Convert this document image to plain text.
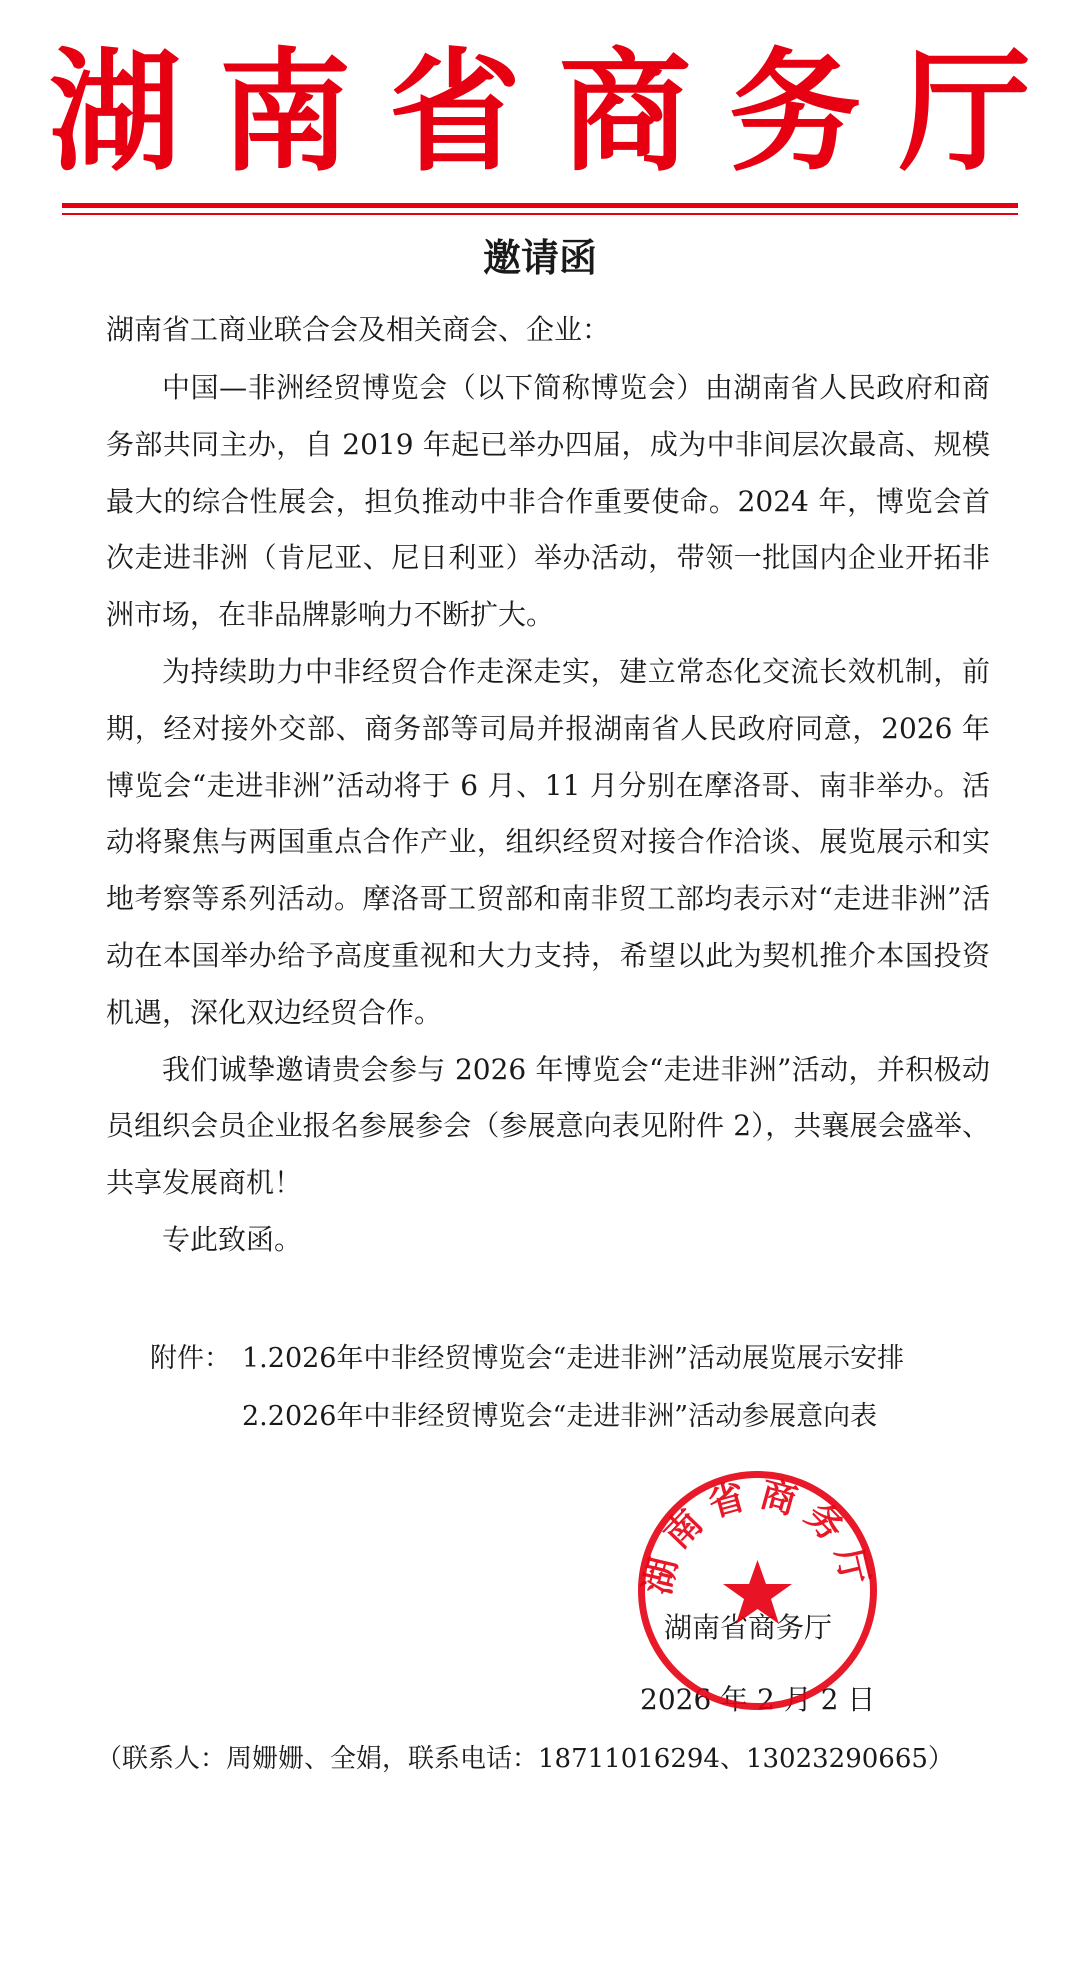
湖南省商务厅
邀请函
湖南省工商业联合会及相关商会、企业：

中国—非洲经贸博览会（以下简称博览会）由湖南省人民政府和商务部共同主办，自 2019 年起已举办四届，成为中非间层次最高、规模最大的综合性展会，担负推动中非合作重要使命。2024 年，博览会首次走进非洲（肯尼亚、尼日利亚）举办活动，带领一批国内企业开拓非洲市场，在非品牌影响力不断扩大。

为持续助力中非经贸合作走深走实，建立常态化交流长效机制，前期，经对接外交部、商务部等司局并报湖南省人民政府同意，2026 年博览会“走进非洲”活动将于 6 月、11 月分别在摩洛哥、南非举办。活动将聚焦与两国重点合作产业，组织经贸对接合作洽谈、展览展示和实地考察等系列活动。摩洛哥工贸部和南非贸工部均表示对“走进非洲”活动在本国举办给予高度重视和大力支持，希望以此为契机推介本国投资机遇，深化双边经贸合作。

我们诚挚邀请贵会参与 2026 年博览会“走进非洲”活动，并积极动员组织会员企业报名参展参会（参展意向表见附件 2），共襄展会盛举、共享发展商机！

专此致函。

附件： 1.2026年中非经贸博览会“走进非洲”活动展览展示安排
2.2026年中非经贸博览会“走进非洲”活动参展意向表
湖南省商务厅
2026 年 2 月 2 日
湖南省商务厅
（联系人：周姗姗、全娟，联系电话：18711016294、13023290665）
